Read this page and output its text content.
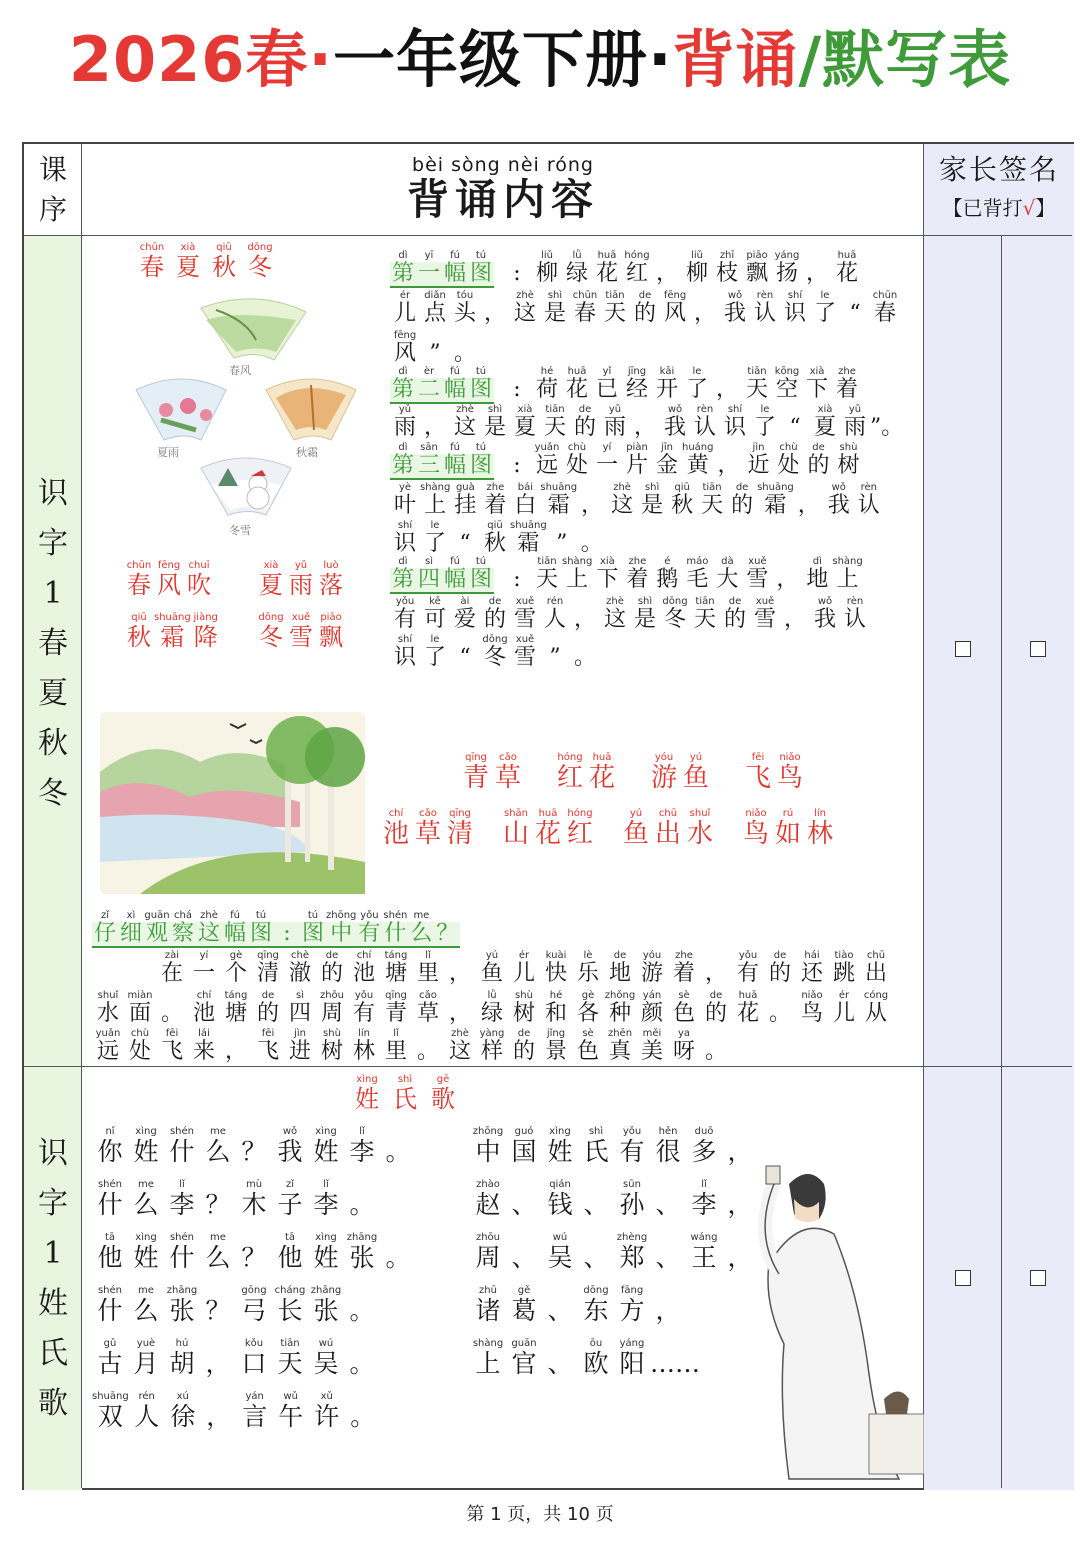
2026春·一年级下册·背诵/默写表
课
序
bèi sòng nèi róng
背诵内容
家长签名
【已背打√】
识
字
1
春
夏
秋
冬
识
字
1
姓
氏
歌
春风
夏雨	秋霜
冬雪
chūn
春
xià
夏
qiū
秋
dōng
冬
chūn
春
fēng
风
chuī
吹
xià
夏
yǔ
雨
luò
落
qiū
秋
shuāng
霜
jiàng
降
dōng
冬
xuě
雪
piāo
飘
dì
第
yī
一
fú
幅
tú
图 :
liǔ
柳
lǜ
绿
huā
花
hóng
红 ，
liǔ
柳
zhī
枝
piāo
飘
yáng
扬 ，
huā
花
ér
儿
diǎn
点
tóu
头 ，
zhè
这
shì
是
chūn
春
tiān
天
de
的
fēng
风 ，
wǒ
我
rèn
认
shí
识
le
了 “
chūn
春
fēng
风 ” 。
dì
第
èr
二
fú
幅
tú
图 :
hé
荷
huā
花
yǐ
已
jīng
经
kāi
开
le
了 ，
tiān
天
kōng
空
xià
下
zhe
着
yǔ
雨 ，
zhè
这
shì
是
xià
夏
tiān
天
de
的
yǔ
雨 ，
wǒ
我
rèn
认
shí
识
le
了 “
xià
夏
yǔ
雨 ”。
dì
第
sān
三
fú
幅
tú
图 :
yuǎn
远
chù
处
yí
一
piàn
片
jīn
金
huáng
黄 ，
jìn
近
chù
处
de
的
shù
树
yè
叶
shàng
上
guà
挂
zhe
着
bái
白
shuāng
霜 ，
zhè
这
shì
是
qiū
秋
tiān
天
de
的
shuāng
霜 ，
wǒ
我
rèn
认
shí
识
le
了 “
qiū
秋
shuāng
霜 ” 。
dì
第
sì
四
fú
幅
tú
图 :
tiān
天
shàng
上
xià
下
zhe
着
é
鹅
máo
毛
dà
大
xuě
雪 ，
dì
地
shàng
上
yǒu
有
kě
可
ài
爱
de
的
xuě
雪
rén
人 ，
zhè
这
shì
是
dōng
冬
tiān
天
de
的
xuě
雪 ，
wǒ
我
rèn
认
shí
识
le
了 “
dōng
冬
xuě
雪 ” 。
qīng
青
cǎo
草
hóng
红
huā
花
yóu
游
yú
鱼
fēi
飞
niǎo
鸟
chí
池
cǎo
草
qīng
清
shān
山
huā
花
hóng
红
yú
鱼
chū
出
shuǐ
水
niǎo
鸟
rú
如
lín
林
zǐ
仔
xì
细
guān
观
chá
察
zhè
这
fú
幅
tú
图 :
tú
图
zhōng
中
yǒu
有
shén
什
me
么 ？
zài
在
yí
一
gè
个
qīng
清
chè
澈
de
的
chí
池
táng
塘
lǐ
里 ，
yú
鱼
ér
儿
kuài
快
lè
乐
de
地
yóu
游
zhe
着 ，
yǒu
有
de
的
hái
还
tiào
跳
chū
出
shuǐ
水
miàn
面 。
chí
池
táng
塘
de
的
sì
四
zhōu
周
yǒu
有
qīng
青
cǎo
草 ，
lǜ
绿
shù
树
hé
和
gè
各
zhǒng
种
yán
颜
sè
色
de
的
huā
花 。
niǎo
鸟
ér
儿
cóng
从
yuǎn
远
chù
处
fēi
飞
lái
来 ，
fēi
飞
jìn
进
shù
树
lín
林
lǐ
里 。
zhè
这
yàng
样
de
的
jǐng
景
sè
色
zhēn
真
měi
美
ya
呀 。
xìng
姓
shì
氏
gē
歌
nǐ
你
xìng
姓
shén
什
me
么 ？
wǒ
我
xìng
姓
lǐ
李 。
shén
什
me
么
lǐ
李 ？
mù
木
zǐ
子
lǐ
李 。
tā
他
xìng
姓
shén
什
me
么 ？
tā
他
xìng
姓
zhāng
张 。
shén
什
me
么
zhāng
张 ？
gōng
弓
cháng
长
zhāng
张 。
gǔ
古
yuè
月
hú
胡 ，
kǒu
口
tiān
天
wú
吴 。
shuāng
双
rén
人
xú
徐 ，
yán
言
wǔ
午
xǔ
许 。
zhōng
中
guó
国
xìng
姓
shì
氏
yǒu
有
hěn
很
duō
多 ，
zhào
赵 、
qián
钱 、
sūn
孙 、
lǐ
李 ，
zhōu
周 、
wú
吴 、
zhèng
郑 、
wáng
王 ，
zhū
诸
gě
葛 、
dōng
东
fāng
方 ，
shàng
上
guān
官 、
ōu
欧
yáng
阳 ……
第 1 页，共 10 页
